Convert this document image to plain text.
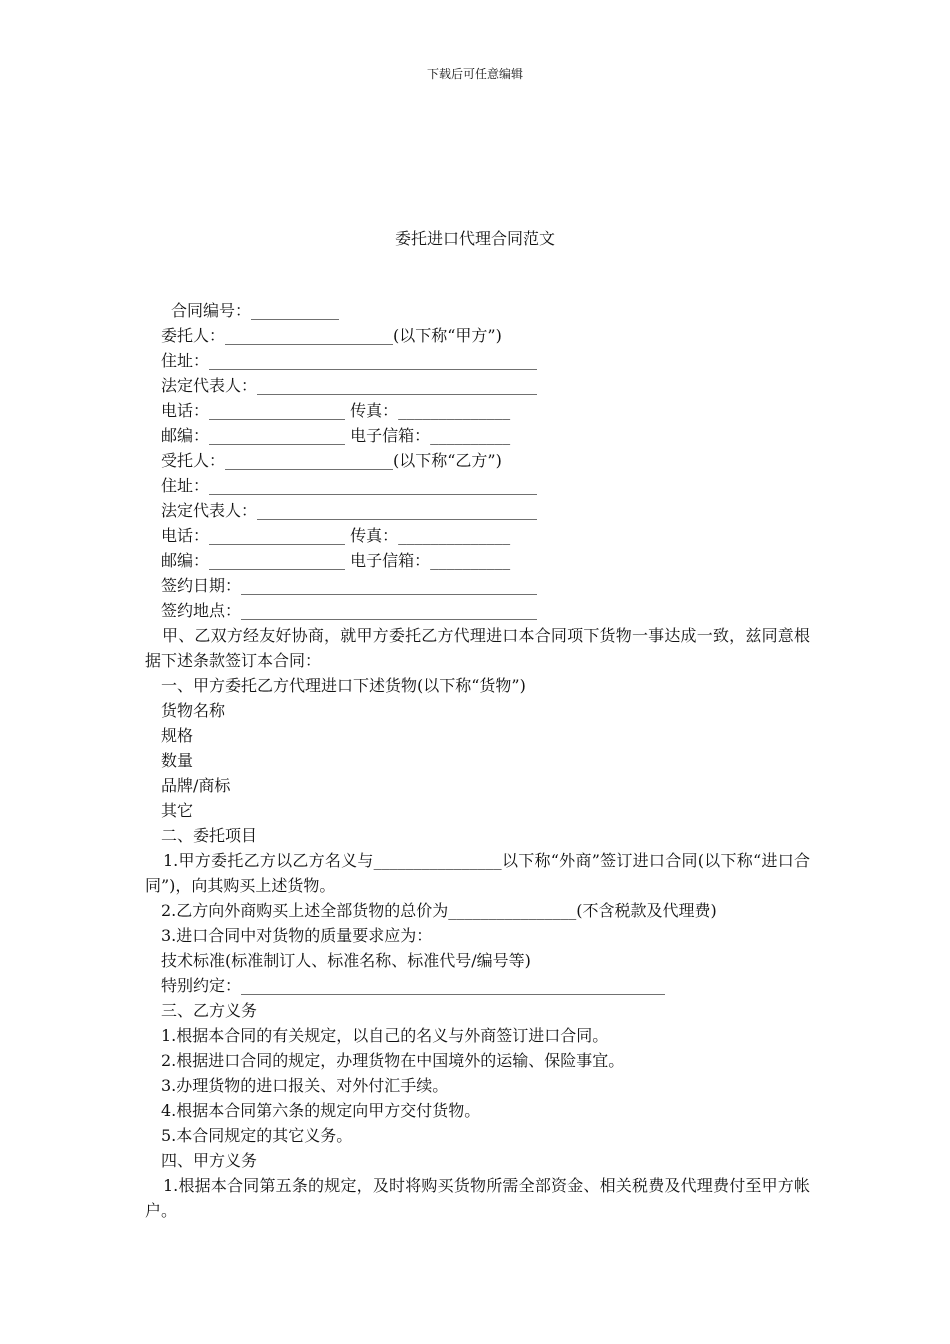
下载后可任意编辑
委托进口代理合同范文
合同编号：___________
委托人：_____________________(以下称“甲方”)
住址：_________________________________________
法定代表人：___________________________________
电话：_________________ 传真：______________
邮编：_________________ 电子信箱：__________
受托人：_____________________(以下称“乙方”)
住址：_________________________________________
法定代表人：___________________________________
电话：_________________ 传真：______________
邮编：_________________ 电子信箱：__________
签约日期：_____________________________________
签约地点：_____________________________________
甲、乙双方经友好协商，就甲方委托乙方代理进口本合同项下货物一事达成一致，兹同意根据下述条款签订本合同：
一、甲方委托乙方代理进口下述货物(以下称“货物”)
货物名称
规格
数量
品牌/商标
其它
二、委托项目
1.甲方委托乙方以乙方名义与________________以下称“外商”签订进口合同(以下称“进口合同”)，向其购买上述货物。
2.乙方向外商购买上述全部货物的总价为________________(不含税款及代理费)
3.进口合同中对货物的质量要求应为：
技术标准(标准制订人、标准名称、标准代号/编号等)
特别约定：_____________________________________________________
三、乙方义务
1.根据本合同的有关规定，以自己的名义与外商签订进口合同。
2.根据进口合同的规定，办理货物在中国境外的运输、保险事宜。
3.办理货物的进口报关、对外付汇手续。
4.根据本合同第六条的规定向甲方交付货物。
5.本合同规定的其它义务。
四、甲方义务
1.根据本合同第五条的规定，及时将购买货物所需全部资金、相关税费及代理费付至甲方帐户。
